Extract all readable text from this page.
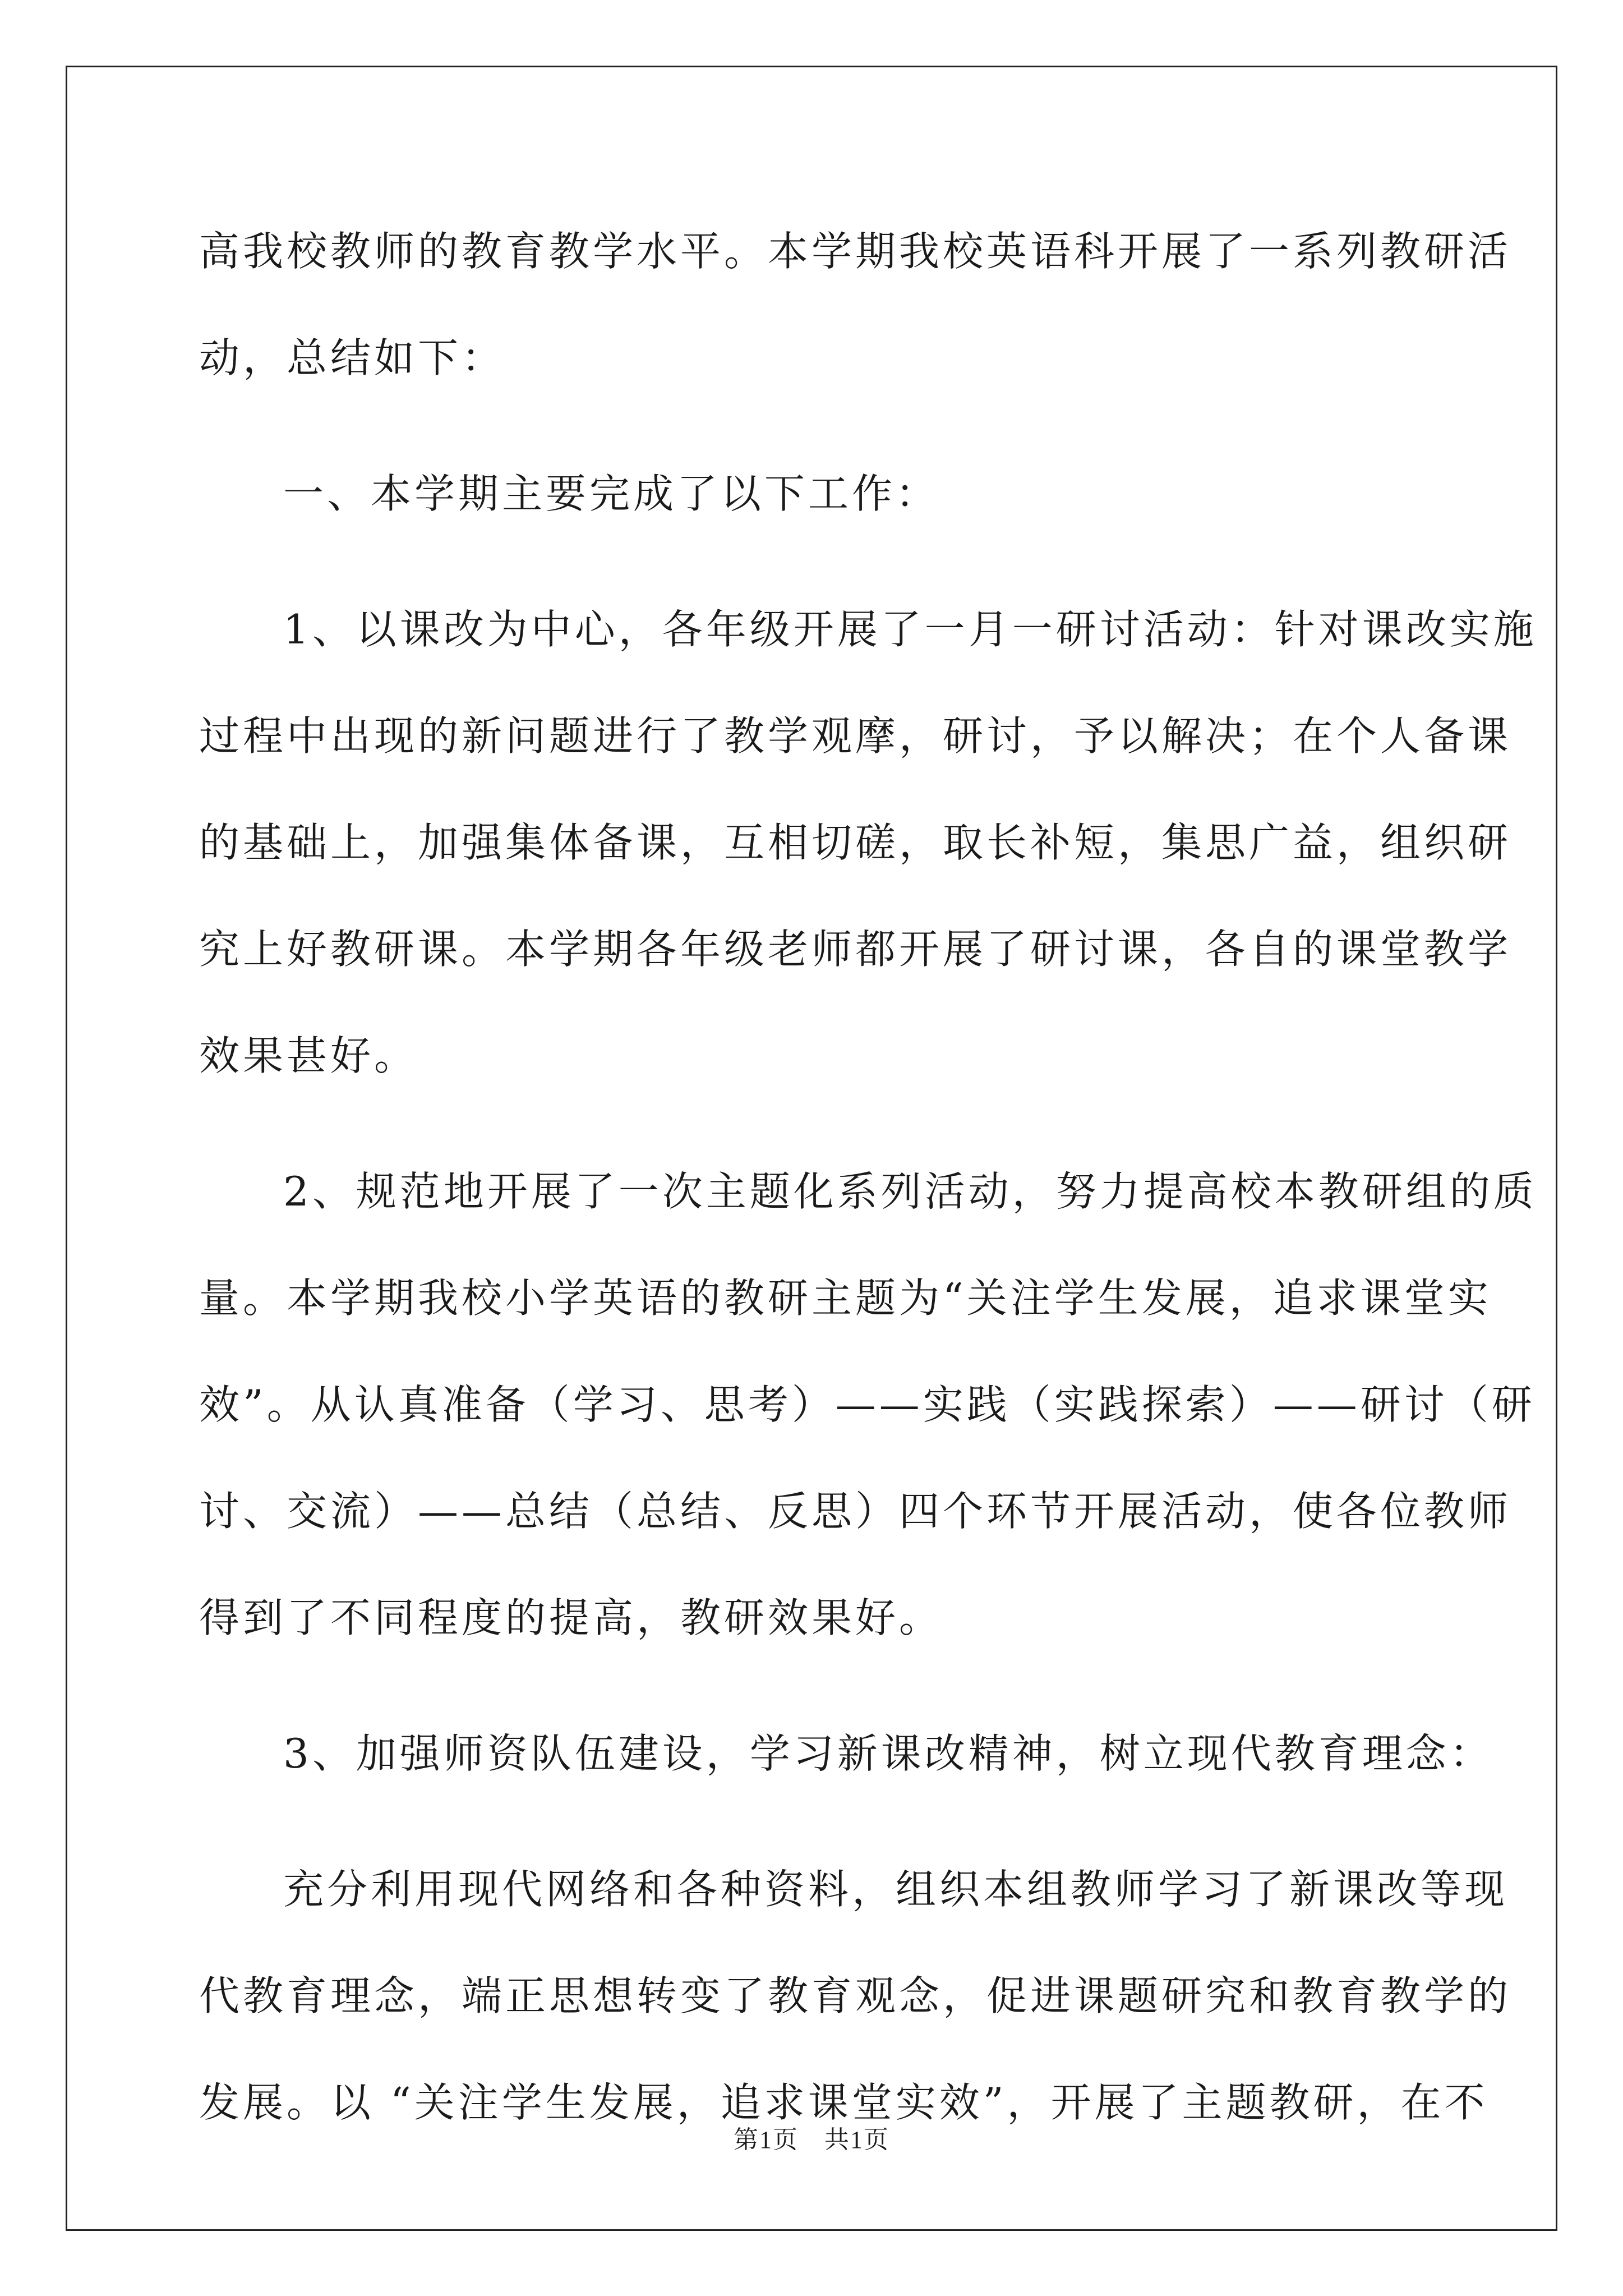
高我校教师的教育教学水平。本学期我校英语科开展了一系列教研活
动，总结如下：
一、本学期主要完成了以下工作：
1、以课改为中心，各年级开展了一月一研讨活动：针对课改实施
过程中出现的新问题进行了教学观摩，研讨，予以解决；在个人备课
的基础上，加强集体备课，互相切磋，取长补短，集思广益，组织研
究上好教研课。本学期各年级老师都开展了研讨课，各自的课堂教学
效果甚好。
2、规范地开展了一次主题化系列活动，努力提高校本教研组的质
量。本学期我校小学英语的教研主题为“关注学生发展，追求课堂实
效”。从认真准备（学习、思考）——实践（实践探索）——研讨（研
讨、交流）——总结（总结、反思）四个环节开展活动，使各位教师
得到了不同程度的提高，教研效果好。
3、加强师资队伍建设，学习新课改精神，树立现代教育理念：
充分利用现代网络和各种资料，组织本组教师学习了新课改等现
代教育理念，端正思想转变了教育观念，促进课题研究和教育教学的
发展。以 “关注学生发展，追求课堂实效”，开展了主题教研，在不
第1页　共1页
